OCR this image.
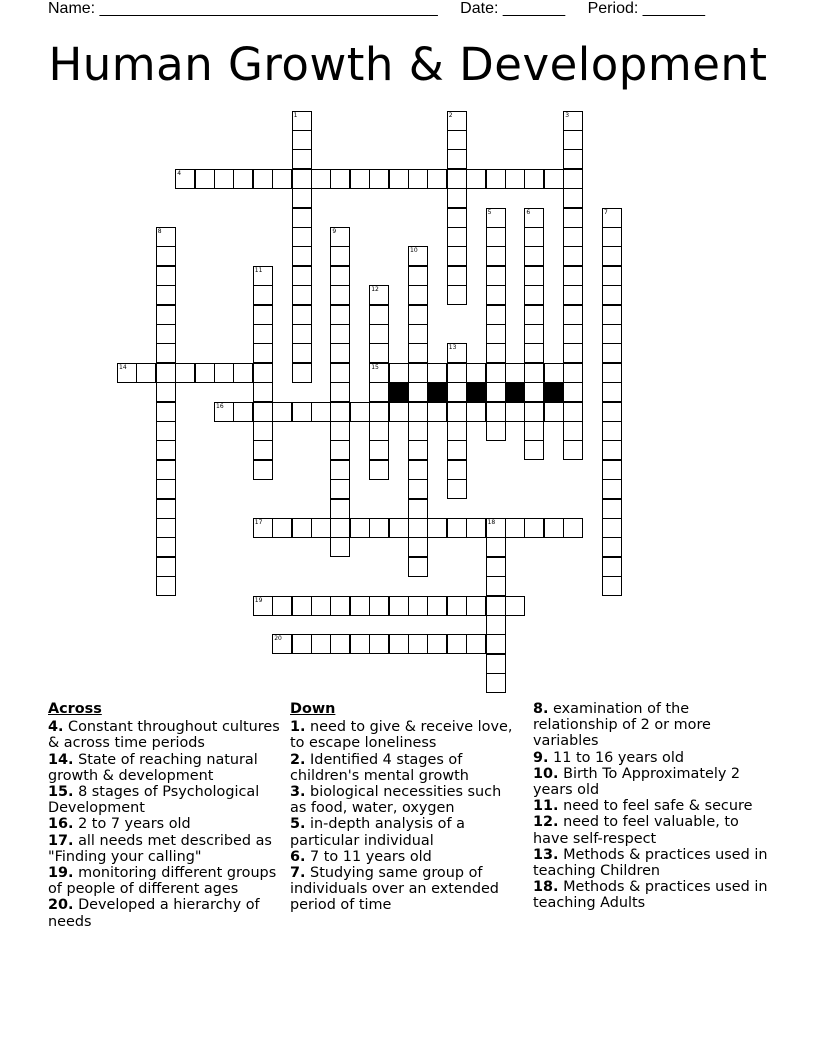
Name: ______________________________________ Date: _______ Period: _______
Human Growth & Development
4
14	15
16
17	18
19
20
1	2	3
5	6	7
8	9
10
11
12
13
Across
4. Constant throughout cultures & across time periods
14. State of reaching natural growth & development
15. 8 stages of Psychological Development
16. 2 to 7 years old
17. all needs met described as "Finding your calling"
19. monitoring different groups of people of different ages
20. Developed a hierarchy of needs
Down
1. need to give & receive love, to escape loneliness
2. Identified 4 stages of children's mental growth
3. biological necessities such as food, water, oxygen
5. in-depth analysis of a particular individual
6. 7 to 11 years old
7. Studying same group of individuals over an extended period of time
8. examination of the relationship of 2 or more variables
9. 11 to 16 years old
10. Birth To Approximately 2 years old
11. need to feel safe & secure
12. need to feel valuable, to have self-respect
13. Methods & practices used in teaching Children
18. Methods & practices used in teaching Adults
